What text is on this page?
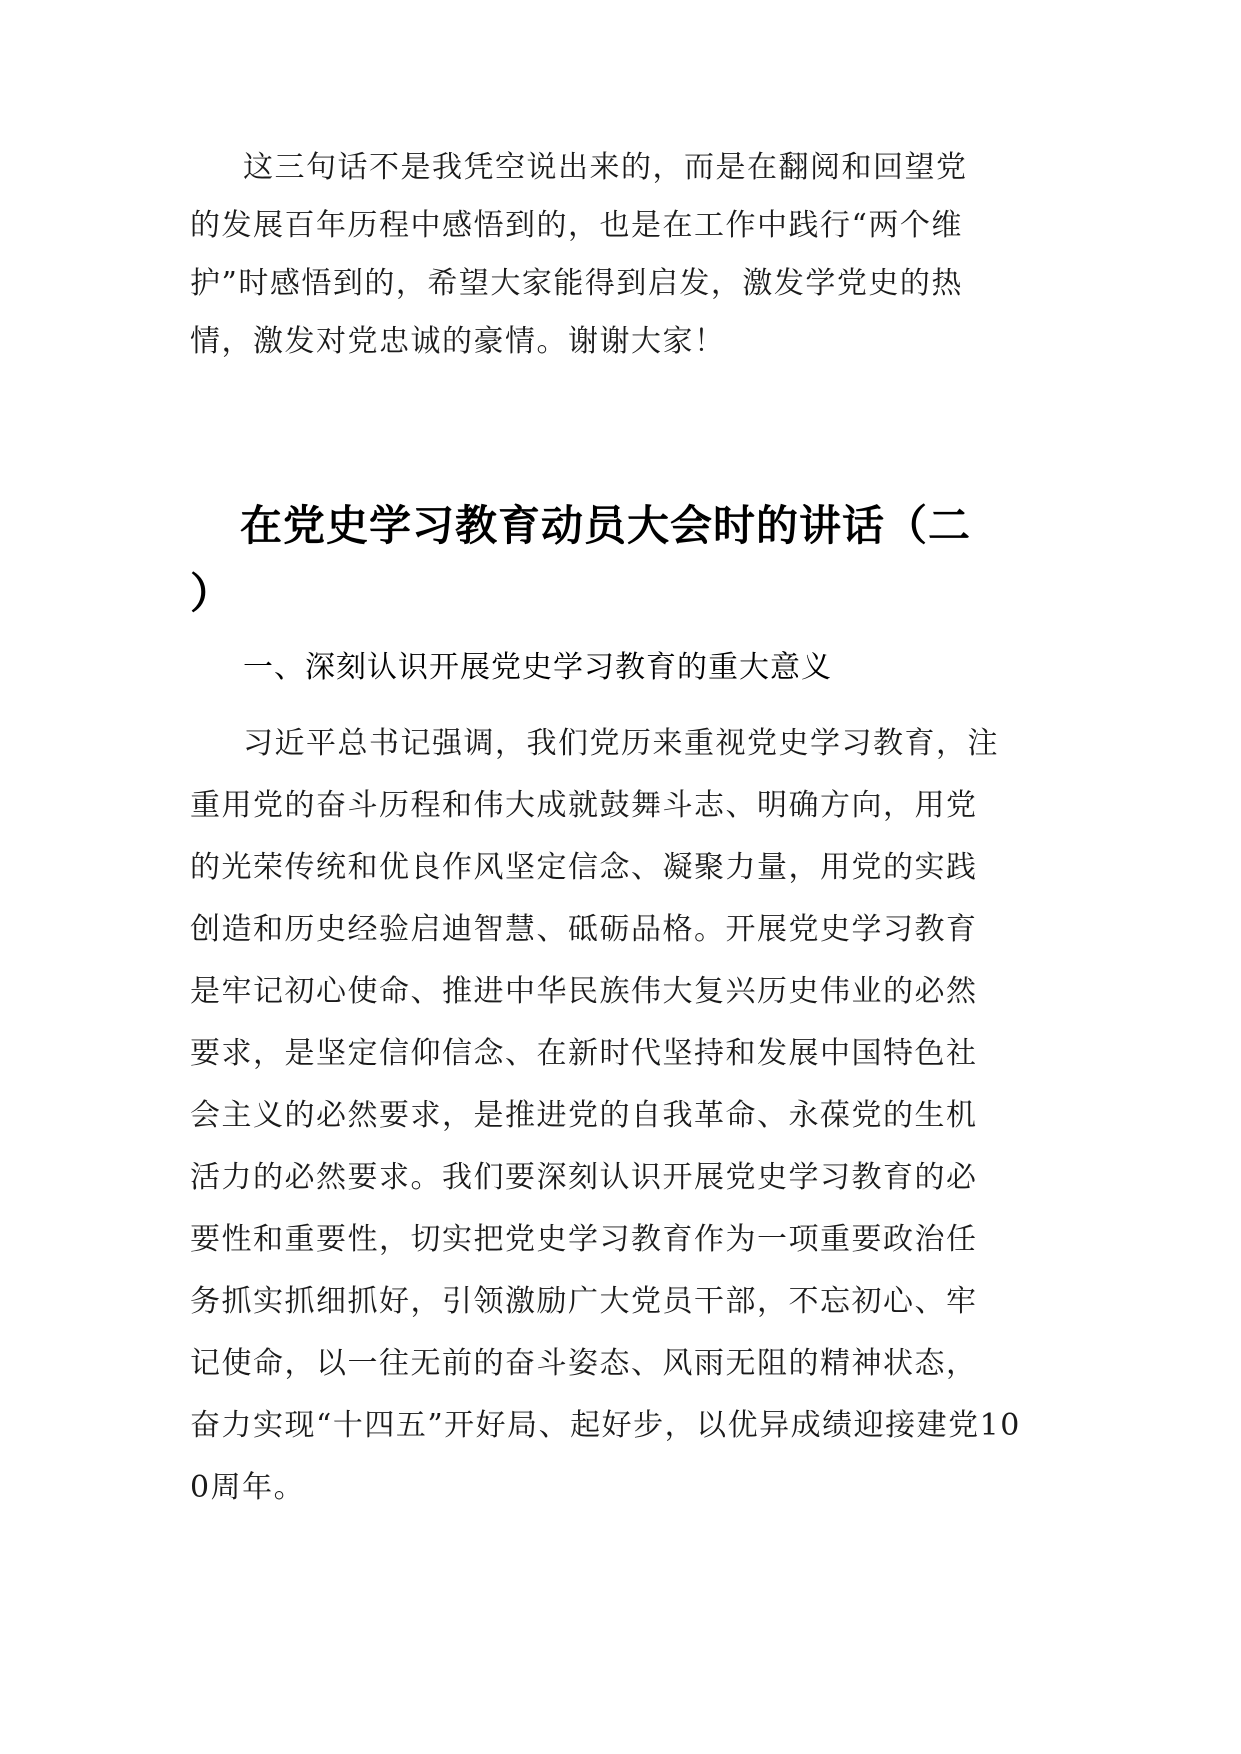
这三句话不是我凭空说出来的，而是在翻阅和回望党

的发展百年历程中感悟到的，也是在工作中践行“两个维

护”时感悟到的，希望大家能得到启发，激发学党史的热

情，激发对党忠诚的豪情。谢谢大家！

在党史学习教育动员大会时的讲话（二

）

一、深刻认识开展党史学习教育的重大意义

习近平总书记强调，我们党历来重视党史学习教育，注

重用党的奋斗历程和伟大成就鼓舞斗志、明确方向，用党

的光荣传统和优良作风坚定信念、凝聚力量，用党的实践

创造和历史经验启迪智慧、砥砺品格。开展党史学习教育

是牢记初心使命、推进中华民族伟大复兴历史伟业的必然

要求，是坚定信仰信念、在新时代坚持和发展中国特色社

会主义的必然要求，是推进党的自我革命、永葆党的生机

活力的必然要求。我们要深刻认识开展党史学习教育的必

要性和重要性，切实把党史学习教育作为一项重要政治任

务抓实抓细抓好，引领激励广大党员干部，不忘初心、牢

记使命，以一往无前的奋斗姿态、风雨无阻的精神状态，

奋力实现“十四五”开好局、起好步，以优异成绩迎接建党10

0周年。
